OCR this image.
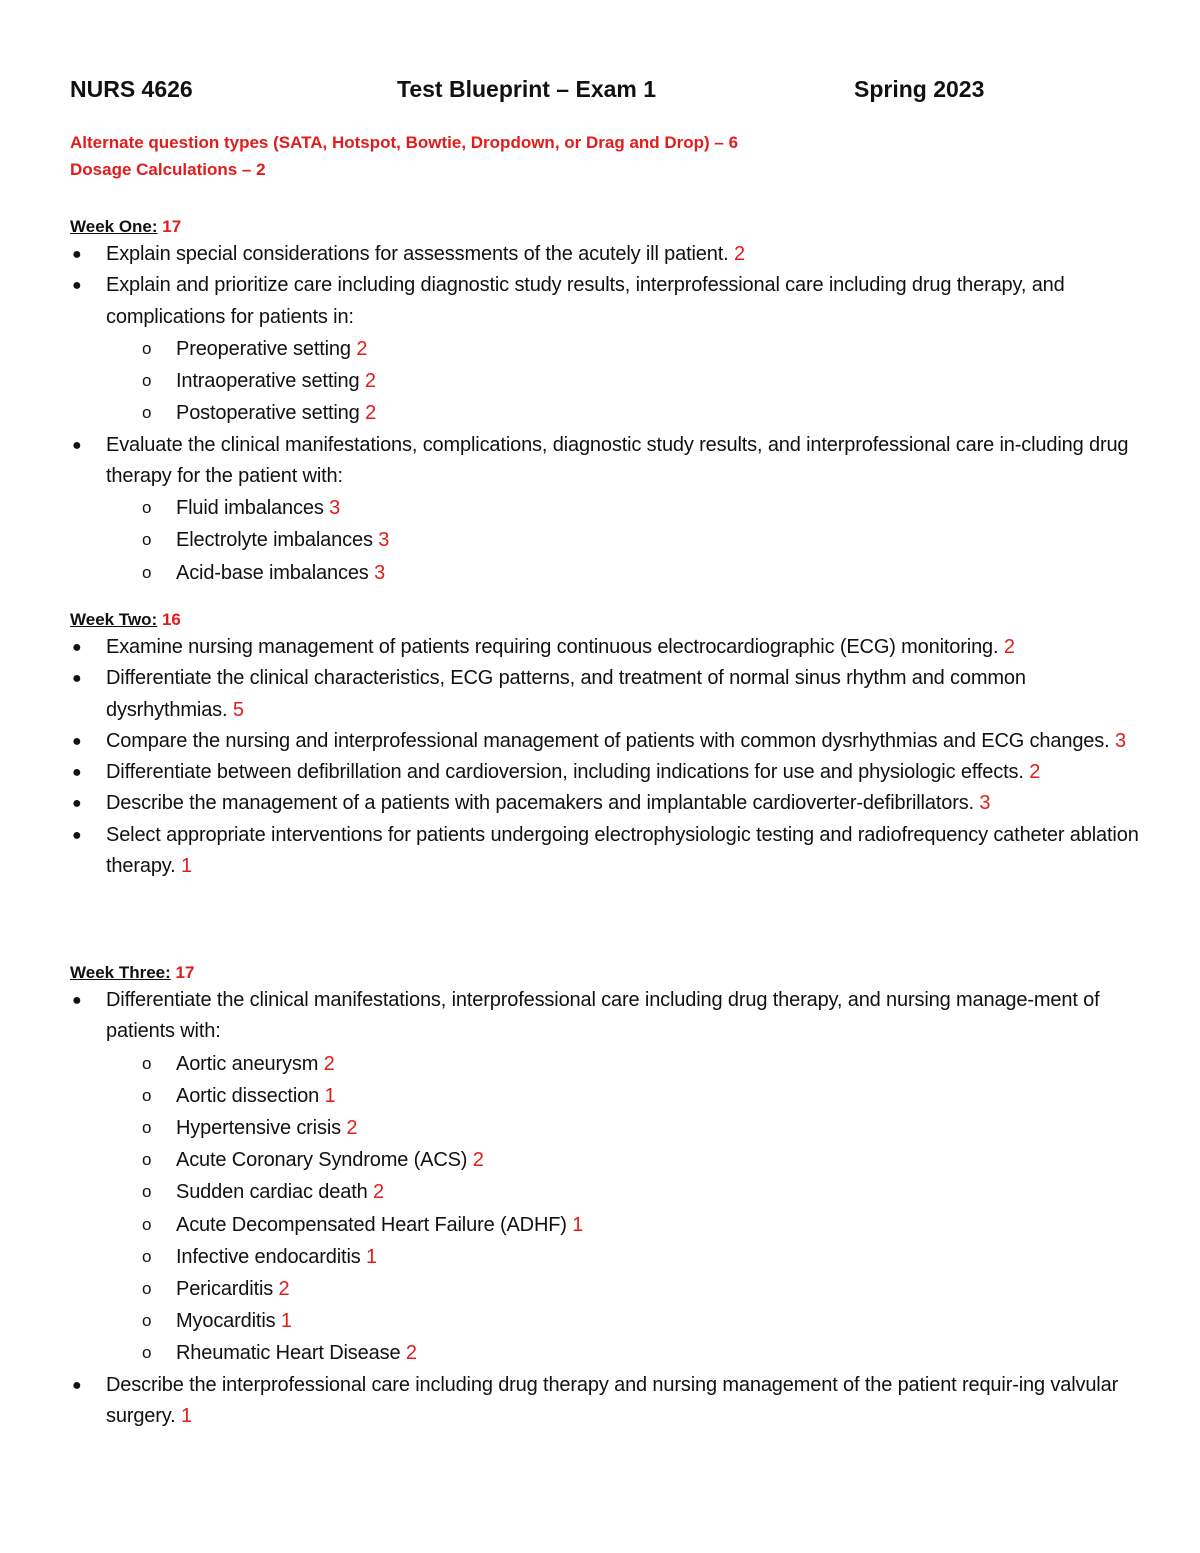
NURS 4626	Test Blueprint – Exam 1	Spring 2023
Alternate question types (SATA, Hotspot, Bowtie, Dropdown, or Drag and Drop) – 6
Dosage Calculations – 2
Week One: 17
● Explain special considerations for assessments of the acutely ill patient. 2
● Explain and prioritize care including diagnostic study results, interprofessional care including drug therapy, and complications for patients in:
o Preoperative setting 2
o Intraoperative setting 2
o Postoperative setting 2
● Evaluate the clinical manifestations, complications, diagnostic study results, and interprofessional care in-cluding drug therapy for the patient with:
o Fluid imbalances 3
o Electrolyte imbalances 3
o Acid-base imbalances 3
Week Two: 16
● Examine nursing management of patients requiring continuous electrocardiographic (ECG) monitoring. 2
● Differentiate the clinical characteristics, ECG patterns, and treatment of normal sinus rhythm and common dysrhythmias. 5
● Compare the nursing and interprofessional management of patients with common dysrhythmias and ECG changes. 3
● Differentiate between defibrillation and cardioversion, including indications for use and physiologic effects. 2
● Describe the management of a patients with pacemakers and implantable cardioverter-defibrillators. 3
● Select appropriate interventions for patients undergoing electrophysiologic testing and radiofrequency catheter ablation therapy. 1
Week Three: 17
● Differentiate the clinical manifestations, interprofessional care including drug therapy, and nursing manage-ment of patients with:
o Aortic aneurysm 2
o Aortic dissection 1
o Hypertensive crisis 2
o Acute Coronary Syndrome (ACS) 2
o Sudden cardiac death 2
o Acute Decompensated Heart Failure (ADHF) 1
o Infective endocarditis 1
o Pericarditis 2
o Myocarditis 1
o Rheumatic Heart Disease 2
● Describe the interprofessional care including drug therapy and nursing management of the patient requir-ing valvular surgery. 1
